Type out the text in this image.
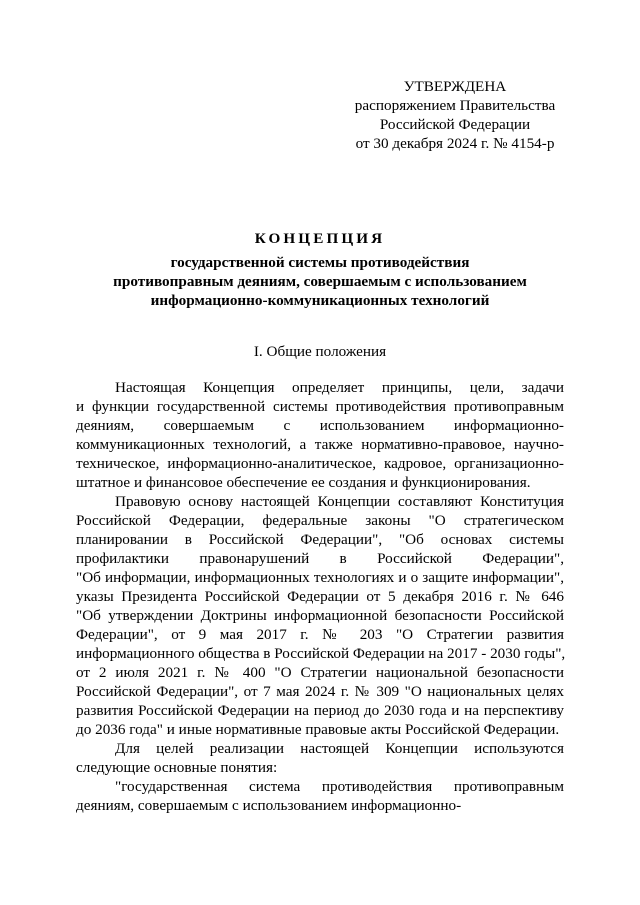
УТВЕРЖДЕНА
распоряжением Правительства
Российской Федерации
от 30 декабря 2024 г. № 4154-р
КОНЦЕПЦИЯ
государственной системы противодействия
противоправным деяниям, совершаемым с использованием
информационно-коммуникационных технологий
I. Общие положения
Настоящая Концепция определяет принципы, цели, задачи
и функции государственной системы противодействия противоправным
деяниям, совершаемым с использованием информационно-
коммуникационных технологий, а также нормативно-правовое, научно-
техническое, информационно-аналитическое, кадровое, организационно-
штатное и финансовое обеспечение ее создания и функционирования.
Правовую основу настоящей Концепции составляют Конституция
Российской Федерации, федеральные законы "О стратегическом
планировании в Российской Федерации", "Об основах системы
профилактики правонарушений в Российской Федерации",
"Об информации, информационных технологиях и о защите информации",
указы Президента Российской Федерации от 5 декабря 2016 г. № 646
"Об утверждении Доктрины информационной безопасности Российской
Федерации", от 9 мая 2017 г. № 203 "О Стратегии развития
информационного общества в Российской Федерации на 2017 - 2030 годы",
от 2 июля 2021 г. № 400 "О Стратегии национальной безопасности
Российской Федерации", от 7 мая 2024 г. № 309 "О национальных целях
развития Российской Федерации на период до 2030 года и на перспективу
до 2036 года" и иные нормативные правовые акты Российской Федерации.
Для целей реализации настоящей Концепции используются
следующие основные понятия:
"государственная система противодействия противоправным
деяниям, совершаемым с использованием информационно-
